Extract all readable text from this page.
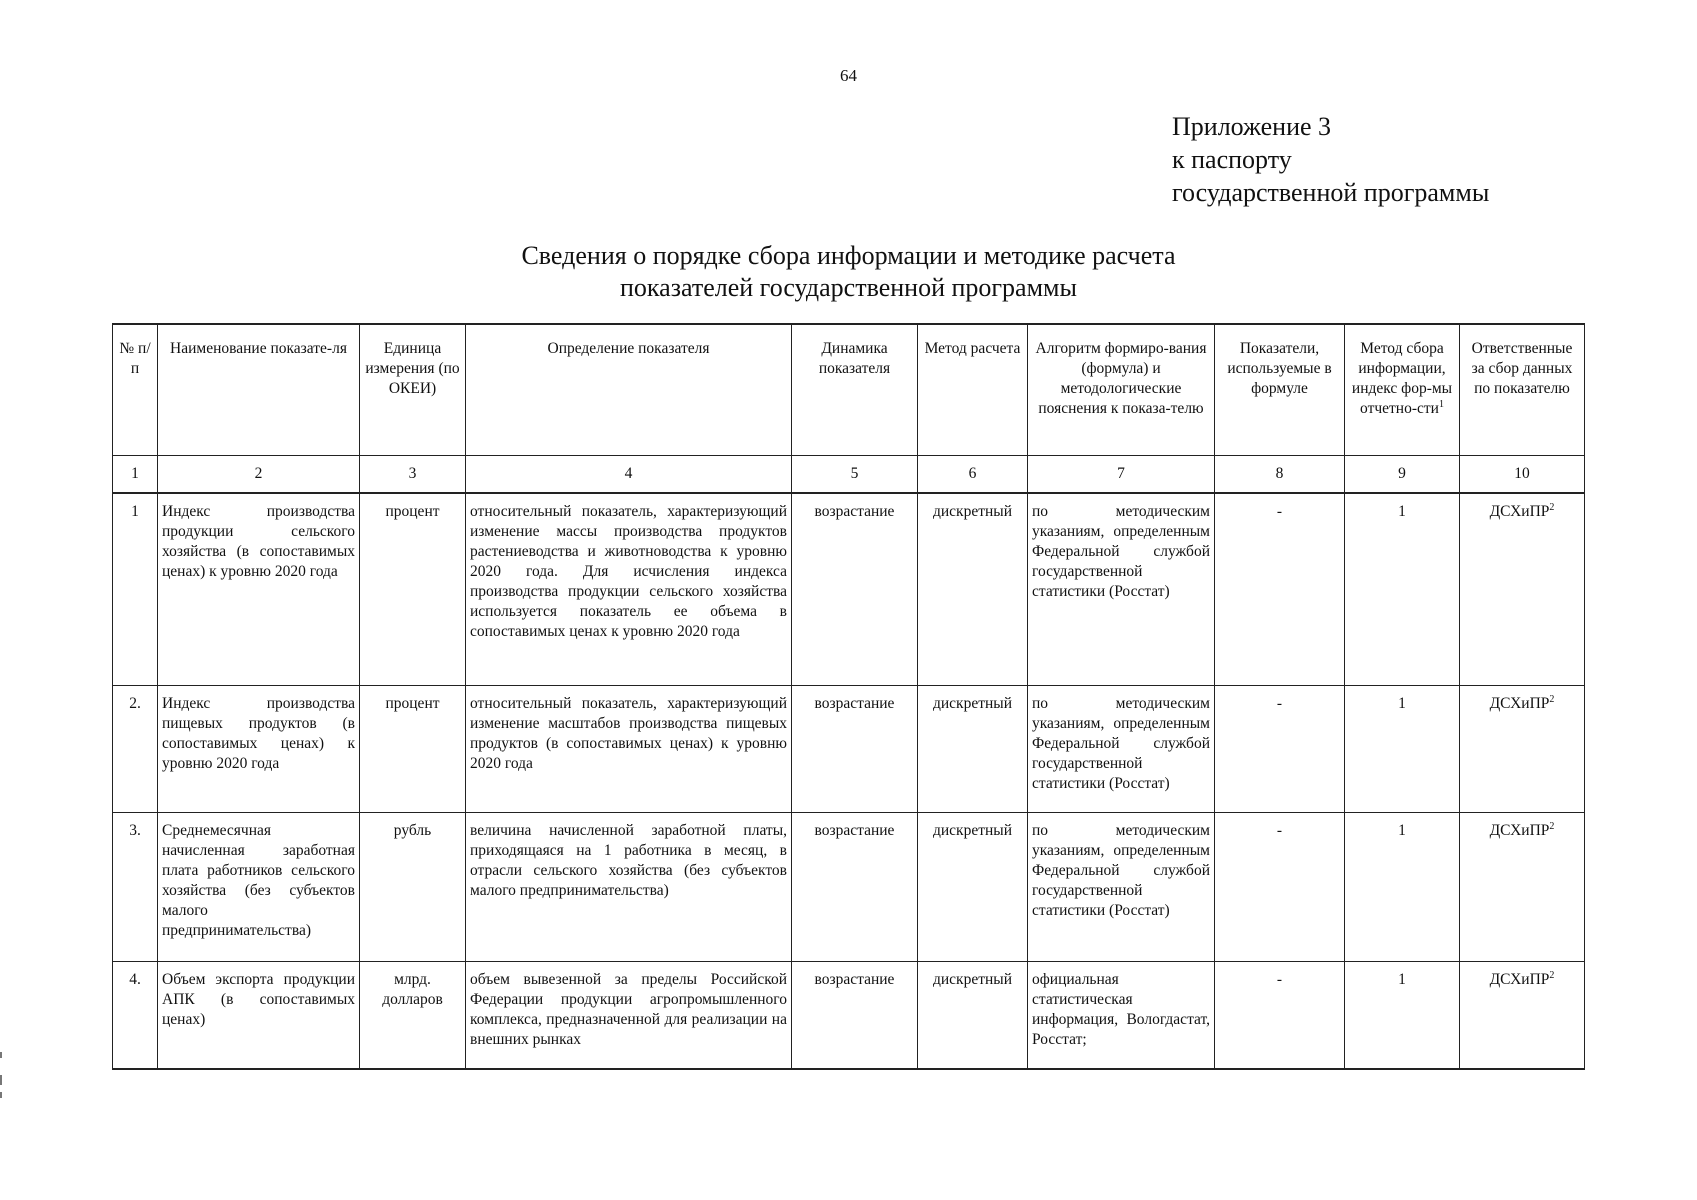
64
Приложение 3
к паспорту
государственной программы
Сведения о порядке сбора информации и методике расчета
показателей государственной программы
№ п/п	Наименование показате-ля	Единица измерения (по ОКЕИ)	Определение показателя	Динамика показателя	Метод расчета	Алгоритм формиро-вания (формула) и методологические пояснения к показа-телю	Показатели, используемые в формуле	Метод сбора информации, индекс фор-мы отчетно-сти$^1$	Ответственные за сбор данных по показателю
1	2	3	4	5	6	7	8	9	10
1	Индекс производства продукции сельского хозяйства (в сопоставимых ценах) к уровню 2020 года	процент	относительный показатель, характеризующий изменение массы производства продуктов растениеводства и животноводства к уровню 2020 года. Для исчисления индекса производства продукции сельского хозяйства используется показатель ее объема в сопоставимых ценах к уровню 2020 года	возрастание	дискретный	по методическим указаниям, определенным Федеральной службой государственной статистики (Росстат)	-	1	ДСХиПР$^2$
2.	Индекс производства пищевых продуктов (в сопоставимых ценах) к уровню 2020 года	процент	относительный показатель, характеризующий изменение масштабов производства пищевых продуктов (в сопоставимых ценах) к уровню 2020 года	возрастание	дискретный	по методическим указаниям, определенным Федеральной службой государственной статистики (Росстат)	-	1	ДСХиПР$^2$
3.	Среднемесячная начисленная заработная плата работников сельского хозяйства (без субъектов малого предпринимательства)	рубль	величина начисленной заработной платы, приходящаяся на 1 работника в месяц, в отрасли сельского хозяйства (без субъектов малого предпринимательства)	возрастание	дискретный	по методическим указаниям, определенным Федеральной службой государственной статистики (Росстат)	-	1	ДСХиПР$^2$
4.	Объем экспорта продукции АПК (в сопоставимых ценах)	млрд. долларов	объем вывезенной за пределы Российской Федерации продукции агропромышленного комплекса, предназначенной для реализации на внешних рынках	возрастание	дискретный	официальная статистическая информация, Вологдастат, Росстат;	-	1	ДСХиПР$^2$
